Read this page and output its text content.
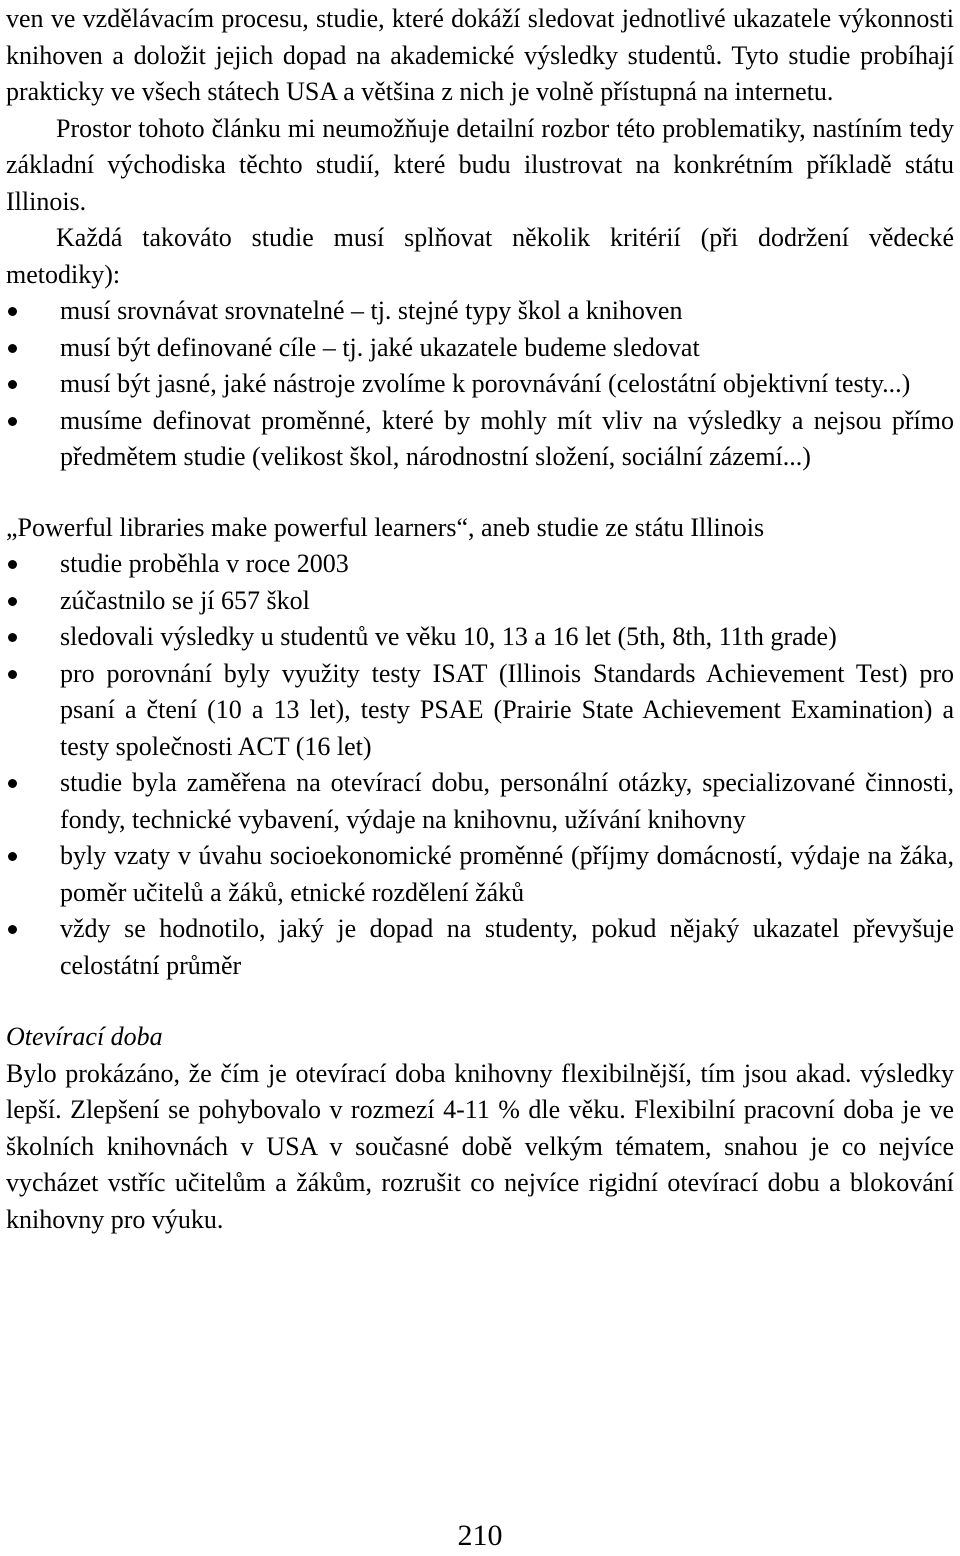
ven ve vzdělávacím procesu, studie, které dokáží sledovat jednotlivé ukazatele výkonnosti knihoven a doložit jejich dopad na akademické výsledky studentů. Tyto studie probíhají prakticky ve všech státech USA a většina z nich je volně přístupná na internetu.

Prostor tohoto článku mi neumožňuje detailní rozbor této problematiky, nastíním tedy základní východiska těchto studií, které budu ilustrovat na konkrétním příkladě státu Illinois.

Každá takováto studie musí splňovat několik kritérií (při dodržení vědecké metodiky):

musí srovnávat srovnatelné – tj. stejné typy škol a knihoven
musí být definované cíle – tj. jaké ukazatele budeme sledovat
musí být jasné, jaké nástroje zvolíme k porovnávání (celostátní objektivní testy...)
musíme definovat proměnné, které by mohly mít vliv na výsledky a nejsou přímo předmětem studie (velikost škol, národnostní složení, sociální zázemí...)

„Powerful libraries make powerful learners“, aneb studie ze státu Illinois

studie proběhla v roce 2003
zúčastnilo se jí 657 škol
sledovali výsledky u studentů ve věku 10, 13 a 16 let (5th, 8th, 11th grade)
pro porovnání byly využity testy ISAT (Illinois Standards Achievement Test) pro psaní a čtení (10 a 13 let), testy PSAE (Prairie State Achievement Examination) a testy společnosti ACT (16 let)
studie byla zaměřena na otevírací dobu, personální otázky, specializované činnosti, fondy, technické vybavení, výdaje na knihovnu, užívání knihovny
byly vzaty v úvahu socioekonomické proměnné (příjmy domácností, výdaje na žáka, poměr učitelů a žáků, etnické rozdělení žáků
vždy se hodnotilo, jaký je dopad na studenty, pokud nějaký ukazatel převyšuje celostátní průměr

Otevírací doba

Bylo prokázáno, že čím je otevírací doba knihovny flexibilnější, tím jsou akad. výsledky lepší. Zlepšení se pohybovalo v rozmezí 4-11 % dle věku. Flexibilní pracovní doba je ve školních knihovnách v USA v současné době velkým tématem, snahou je co nejvíce vycházet vstříc učitelům a žákům, rozrušit co nejvíce rigidní otevírací dobu a blokování knihovny pro výuku.

210
